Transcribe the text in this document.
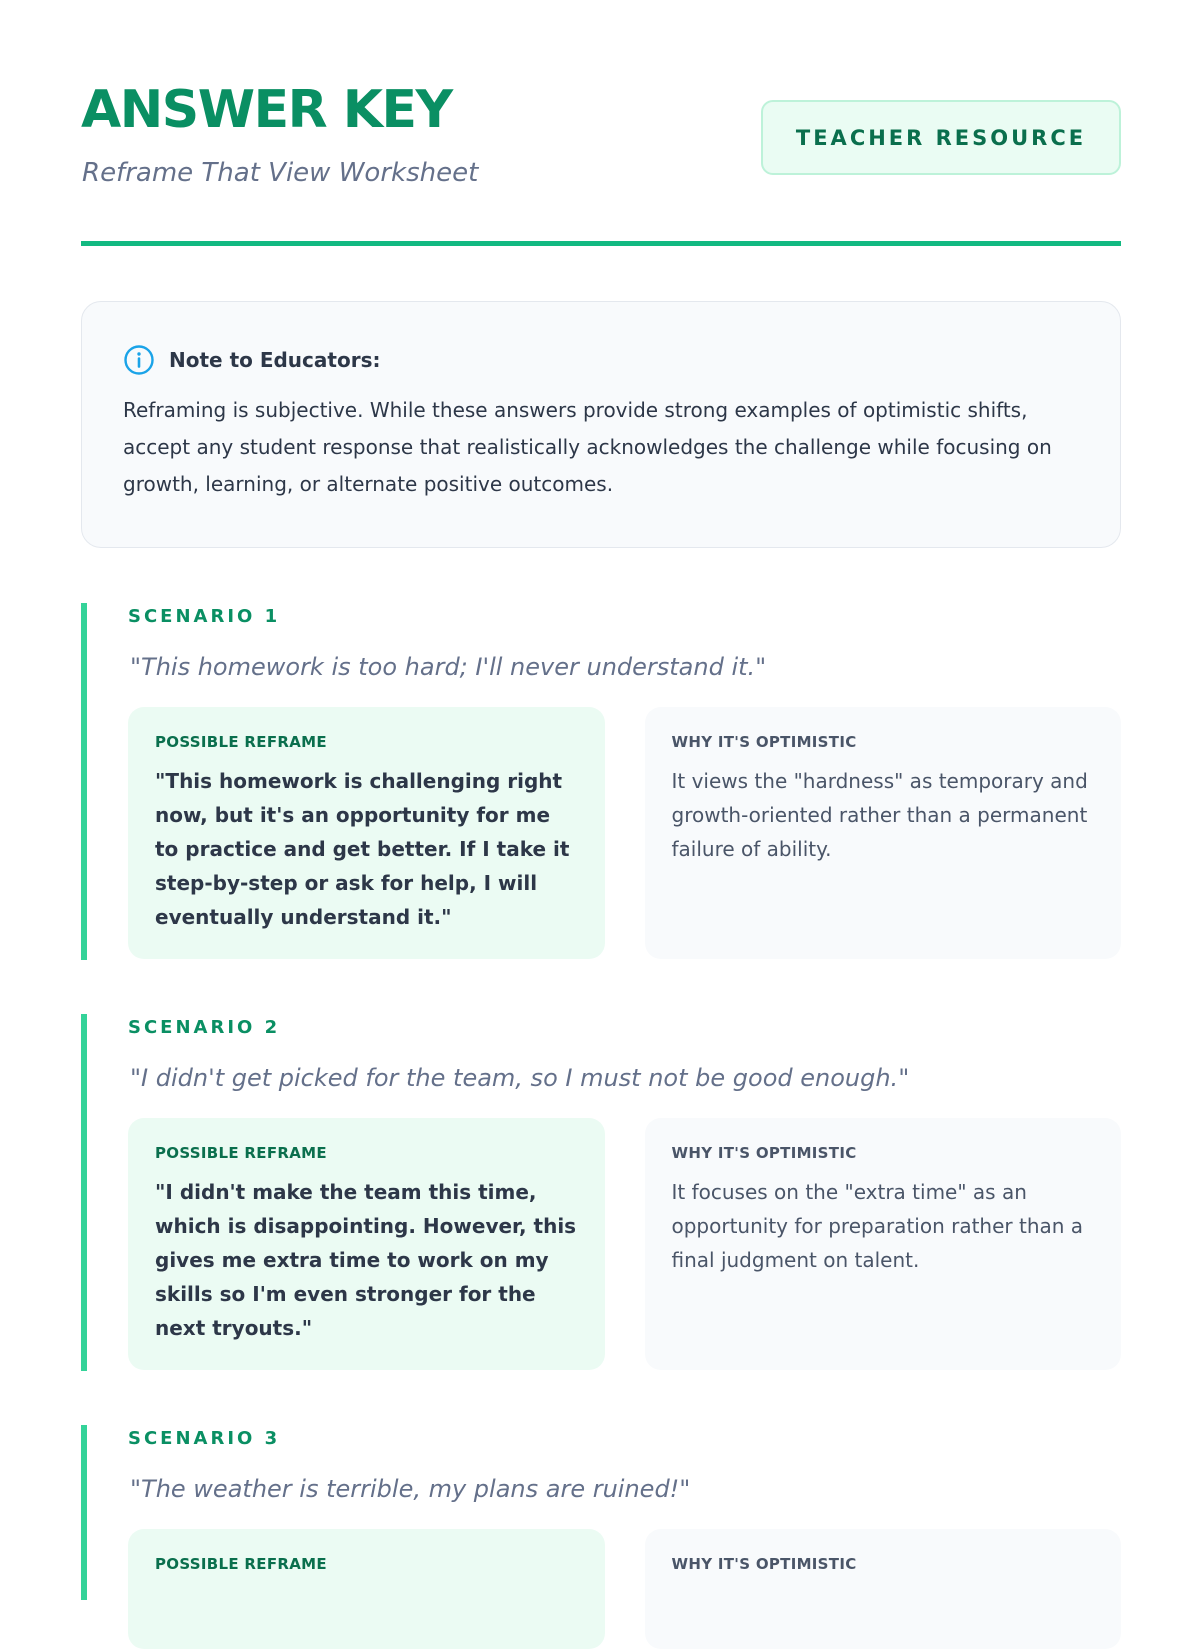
ANSWER KEY

Reframe That View Worksheet

TEACHER RESOURCE
Note to Educators:

Reframing is subjective. While these answers provide strong examples of optimistic shifts, accept any student response that realistically acknowledges the challenge while focusing on growth, learning, or alternate positive outcomes.

SCENARIO 1

"This homework is too hard; I'll never understand it."

POSSIBLE REFRAME

"This homework is challenging right now, but it's an opportunity for me to practice and get better. If I take it step-by-step or ask for help, I will eventually understand it."

WHY IT'S OPTIMISTIC

It views the "hardness" as temporary and growth-oriented rather than a permanent failure of ability.

SCENARIO 2

"I didn't get picked for the team, so I must not be good enough."

POSSIBLE REFRAME

"I didn't make the team this time, which is disappointing. However, this gives me extra time to work on my skills so I'm even stronger for the next tryouts."

WHY IT'S OPTIMISTIC

It focuses on the "extra time" as an opportunity for preparation rather than a final judgment on talent.

SCENARIO 3

"The weather is terrible, my plans are ruined!"

POSSIBLE REFRAME	WHY IT'S OPTIMISTIC
